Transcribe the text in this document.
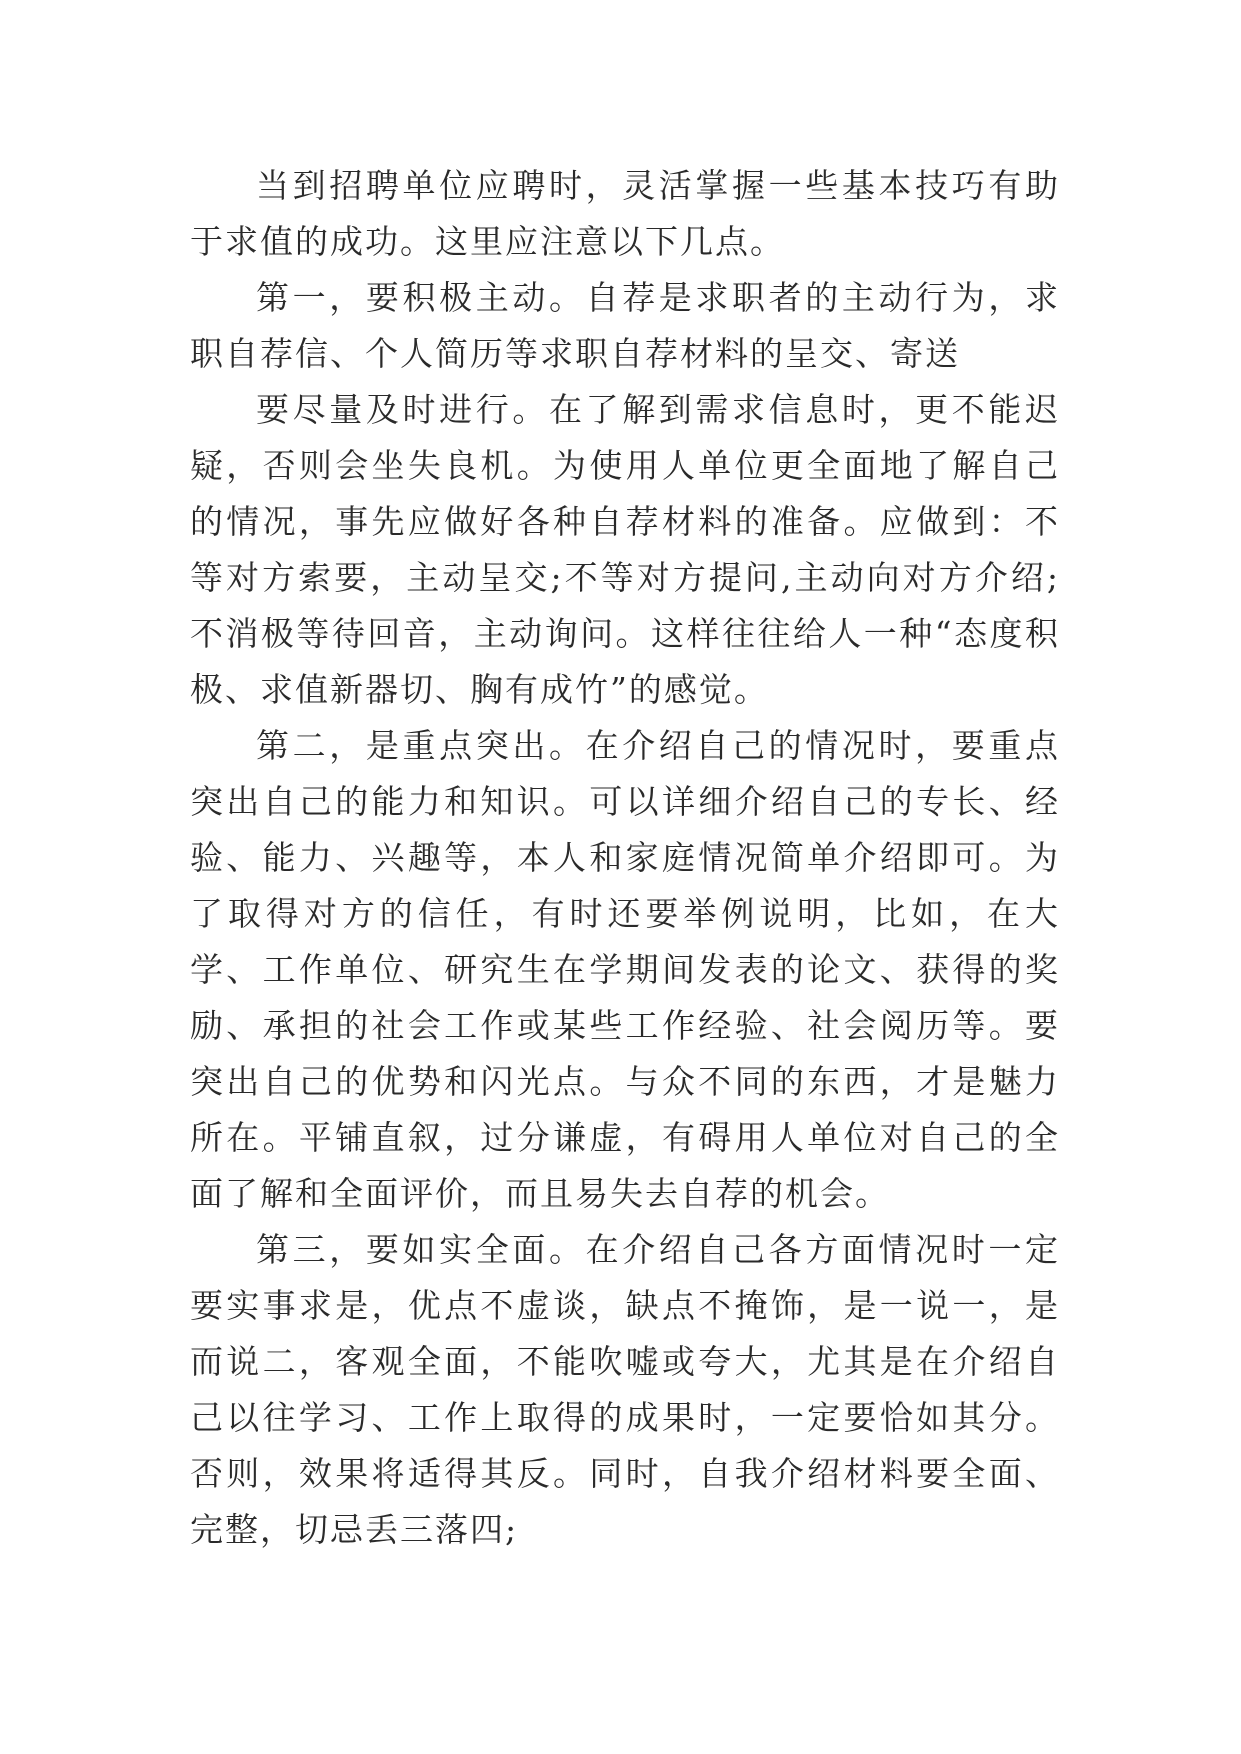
当到招聘单位应聘时，灵活掌握一些基本技巧有助于求值的成功。这里应注意以下几点。

第一，要积极主动。自荐是求职者的主动行为，求职自荐信、个人简历等求职自荐材料的呈交、寄送

要尽量及时进行。在了解到需求信息时，更不能迟疑，否则会坐失良机。为使用人单位更全面地了解自己的情况，事先应做好各种自荐材料的准备。应做到：不等对方索要，主动呈交;不等对方提问,主动向对方介绍;不消极等待回音，主动询问。这样往往给人一种“态度积极、求值新器切、胸有成竹”的感觉。

第二，是重点突出。在介绍自己的情况时，要重点突出自己的能力和知识。可以详细介绍自己的专长、经验、能力、兴趣等，本人和家庭情况简单介绍即可。为了取得对方的信任，有时还要举例说明，比如，在大学、工作单位、研究生在学期间发表的论文、获得的奖励、承担的社会工作或某些工作经验、社会阅历等。要突出自己的优势和闪光点。与众不同的东西，才是魅力所在。平铺直叙，过分谦虚，有碍用人单位对自己的全面了解和全面评价，而且易失去自荐的机会。

第三，要如实全面。在介绍自己各方面情况时一定要实事求是，优点不虚谈，缺点不掩饰，是一说一，是而说二，客观全面，不能吹嘘或夸大，尤其是在介绍自己以往学习、工作上取得的成果时，一定要恰如其分。否则，效果将适得其反。同时，自我介绍材料要全面、完整，切忌丢三落四;
